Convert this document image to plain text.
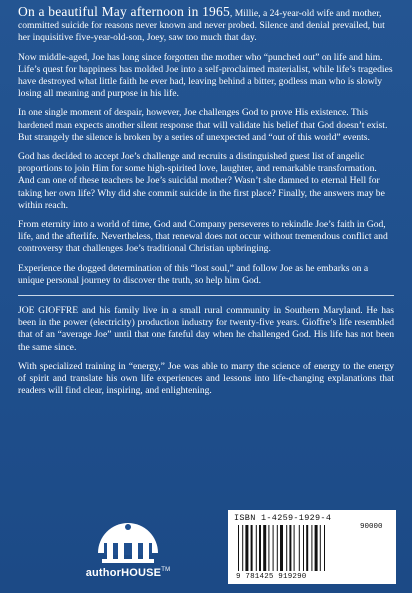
On a beautiful May afternoon in 1965, Millie, a 24-year-old wife and mother, committed suicide for reasons never known and never probed. Silence and denial prevailed, but her inquisitive five-year-old-son, Joey, saw too much that day.

Now middle-aged, Joe has long since forgotten the mother who “punched out” on life and him. Life’s quest for happiness has molded Joe into a self-proclaimed materialist, while life’s tragedies have destroyed what little faith he ever had, leaving behind a bitter, godless man who is slowly losing all meaning and purpose in his life.

In one single moment of despair, however, Joe challenges God to prove His existence. This hardened man expects another silent response that will validate his belief that God doesn’t exist. But strangely the silence is broken by a series of unexpected and “out of this world” events.

God has decided to accept Joe’s challenge and recruits a distinguished guest list of angelic proportions to join Him for some high-spirited love, laughter, and remarkable transformation. And can one of these teachers be Joe’s suicidal mother? Wasn’t she damned to eternal Hell for taking her own life? Why did she commit suicide in the first place? Finally, the answers may be within reach.

From eternity into a world of time, God and Company perseveres to rekindle Joe’s faith in God, life, and the afterlife. Nevertheless, that renewal does not occur without tremendous conflict and controversy that challenges Joe’s traditional Christian upbringing.

Experience the dogged determination of this “lost soul,” and follow Joe as he embarks on a unique personal journey to discover the truth, so help him God.

JOE GIOFFRE and his family live in a small rural community in Southern Maryland. He has been in the power (electricity) production industry for twenty-five years. Gioffre’s life resembled that of an “average Joe” until that one fateful day when he challenged God. His life has not been the same since.

With specialized training in “energy,” Joe was able to marry the science of energy to the energy of spirit and translate his own life experiences and lessons into life-changing explanations that readers will find clear, inspiring, and enlightening.

authorHOUSE™
ISBN 1-4259-1929-4
90000
9 781425 919290
